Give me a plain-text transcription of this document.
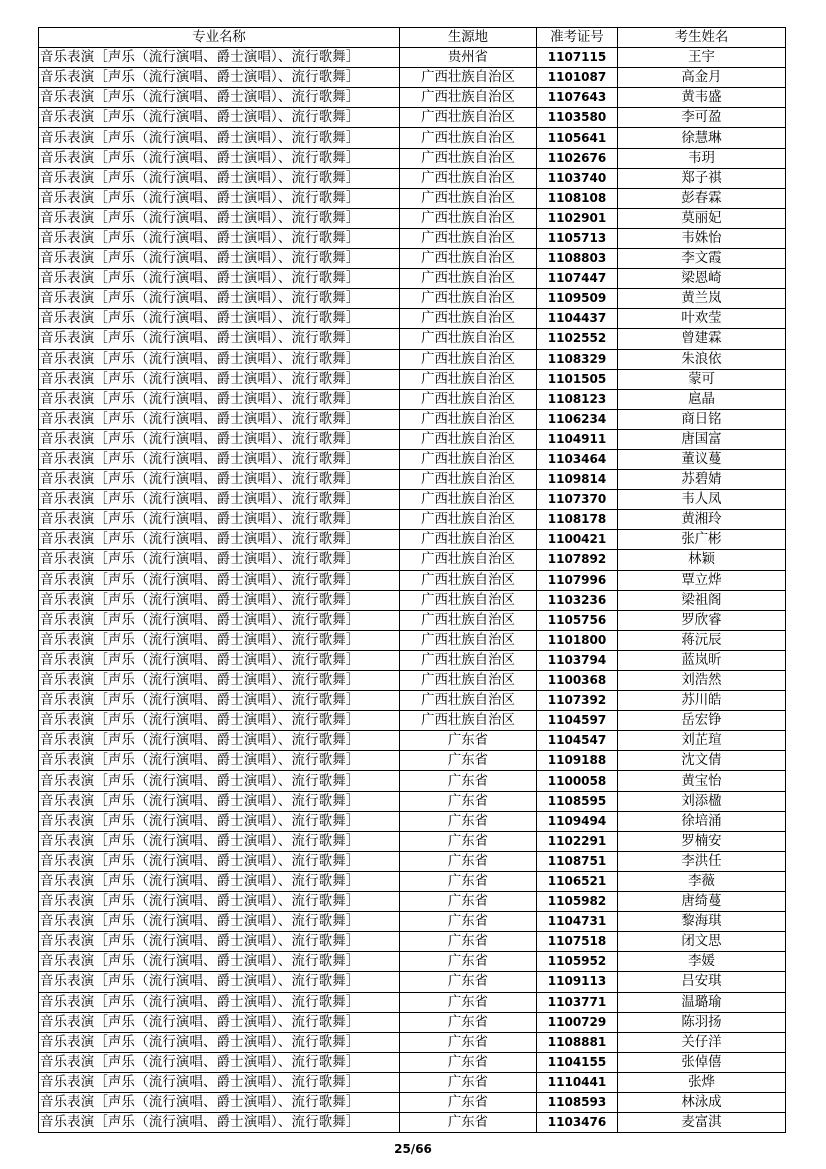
专业名称	生源地	准考证号	考生姓名
音乐表演［声乐（流行演唱、爵士演唱）、流行歌舞］	贵州省	1107115	王宇
音乐表演［声乐（流行演唱、爵士演唱）、流行歌舞］	广西壮族自治区	1101087	高金月
音乐表演［声乐（流行演唱、爵士演唱）、流行歌舞］	广西壮族自治区	1107643	黄韦盛
音乐表演［声乐（流行演唱、爵士演唱）、流行歌舞］	广西壮族自治区	1103580	李可盈
音乐表演［声乐（流行演唱、爵士演唱）、流行歌舞］	广西壮族自治区	1105641	徐慧琳
音乐表演［声乐（流行演唱、爵士演唱）、流行歌舞］	广西壮族自治区	1102676	韦玥
音乐表演［声乐（流行演唱、爵士演唱）、流行歌舞］	广西壮族自治区	1103740	郑子祺
音乐表演［声乐（流行演唱、爵士演唱）、流行歌舞］	广西壮族自治区	1108108	彭春霖
音乐表演［声乐（流行演唱、爵士演唱）、流行歌舞］	广西壮族自治区	1102901	莫丽妃
音乐表演［声乐（流行演唱、爵士演唱）、流行歌舞］	广西壮族自治区	1105713	韦姝怡
音乐表演［声乐（流行演唱、爵士演唱）、流行歌舞］	广西壮族自治区	1108803	李文霞
音乐表演［声乐（流行演唱、爵士演唱）、流行歌舞］	广西壮族自治区	1107447	梁恩崎
音乐表演［声乐（流行演唱、爵士演唱）、流行歌舞］	广西壮族自治区	1109509	黄兰岚
音乐表演［声乐（流行演唱、爵士演唱）、流行歌舞］	广西壮族自治区	1104437	叶欢莹
音乐表演［声乐（流行演唱、爵士演唱）、流行歌舞］	广西壮族自治区	1102552	曾建霖
音乐表演［声乐（流行演唱、爵士演唱）、流行歌舞］	广西壮族自治区	1108329	朱浪依
音乐表演［声乐（流行演唱、爵士演唱）、流行歌舞］	广西壮族自治区	1101505	蒙可
音乐表演［声乐（流行演唱、爵士演唱）、流行歌舞］	广西壮族自治区	1108123	扈晶
音乐表演［声乐（流行演唱、爵士演唱）、流行歌舞］	广西壮族自治区	1106234	商日铭
音乐表演［声乐（流行演唱、爵士演唱）、流行歌舞］	广西壮族自治区	1104911	唐国富
音乐表演［声乐（流行演唱、爵士演唱）、流行歌舞］	广西壮族自治区	1103464	董议蔓
音乐表演［声乐（流行演唱、爵士演唱）、流行歌舞］	广西壮族自治区	1109814	苏碧婧
音乐表演［声乐（流行演唱、爵士演唱）、流行歌舞］	广西壮族自治区	1107370	韦人凤
音乐表演［声乐（流行演唱、爵士演唱）、流行歌舞］	广西壮族自治区	1108178	黄湘玲
音乐表演［声乐（流行演唱、爵士演唱）、流行歌舞］	广西壮族自治区	1100421	张广彬
音乐表演［声乐（流行演唱、爵士演唱）、流行歌舞］	广西壮族自治区	1107892	林颖
音乐表演［声乐（流行演唱、爵士演唱）、流行歌舞］	广西壮族自治区	1107996	覃立烨
音乐表演［声乐（流行演唱、爵士演唱）、流行歌舞］	广西壮族自治区	1103236	梁祖阁
音乐表演［声乐（流行演唱、爵士演唱）、流行歌舞］	广西壮族自治区	1105756	罗欣睿
音乐表演［声乐（流行演唱、爵士演唱）、流行歌舞］	广西壮族自治区	1101800	蒋沅辰
音乐表演［声乐（流行演唱、爵士演唱）、流行歌舞］	广西壮族自治区	1103794	蓝岚昕
音乐表演［声乐（流行演唱、爵士演唱）、流行歌舞］	广西壮族自治区	1100368	刘浩然
音乐表演［声乐（流行演唱、爵士演唱）、流行歌舞］	广西壮族自治区	1107392	苏川皓
音乐表演［声乐（流行演唱、爵士演唱）、流行歌舞］	广西壮族自治区	1104597	岳宏铮
音乐表演［声乐（流行演唱、爵士演唱）、流行歌舞］	广东省	1104547	刘芷瑄
音乐表演［声乐（流行演唱、爵士演唱）、流行歌舞］	广东省	1109188	沈文倩
音乐表演［声乐（流行演唱、爵士演唱）、流行歌舞］	广东省	1100058	黄宝怡
音乐表演［声乐（流行演唱、爵士演唱）、流行歌舞］	广东省	1108595	刘添楹
音乐表演［声乐（流行演唱、爵士演唱）、流行歌舞］	广东省	1109494	徐培涌
音乐表演［声乐（流行演唱、爵士演唱）、流行歌舞］	广东省	1102291	罗楠安
音乐表演［声乐（流行演唱、爵士演唱）、流行歌舞］	广东省	1108751	李洪任
音乐表演［声乐（流行演唱、爵士演唱）、流行歌舞］	广东省	1106521	李薇
音乐表演［声乐（流行演唱、爵士演唱）、流行歌舞］	广东省	1105982	唐绮蔓
音乐表演［声乐（流行演唱、爵士演唱）、流行歌舞］	广东省	1104731	黎海琪
音乐表演［声乐（流行演唱、爵士演唱）、流行歌舞］	广东省	1107518	闭文思
音乐表演［声乐（流行演唱、爵士演唱）、流行歌舞］	广东省	1105952	李媛
音乐表演［声乐（流行演唱、爵士演唱）、流行歌舞］	广东省	1109113	吕安琪
音乐表演［声乐（流行演唱、爵士演唱）、流行歌舞］	广东省	1103771	温璐瑜
音乐表演［声乐（流行演唱、爵士演唱）、流行歌舞］	广东省	1100729	陈羽扬
音乐表演［声乐（流行演唱、爵士演唱）、流行歌舞］	广东省	1108881	关仔洋
音乐表演［声乐（流行演唱、爵士演唱）、流行歌舞］	广东省	1104155	张倬僖
音乐表演［声乐（流行演唱、爵士演唱）、流行歌舞］	广东省	1110441	张烨
音乐表演［声乐（流行演唱、爵士演唱）、流行歌舞］	广东省	1108593	林泳成
音乐表演［声乐（流行演唱、爵士演唱）、流行歌舞］	广东省	1103476	麦富淇
25/66
